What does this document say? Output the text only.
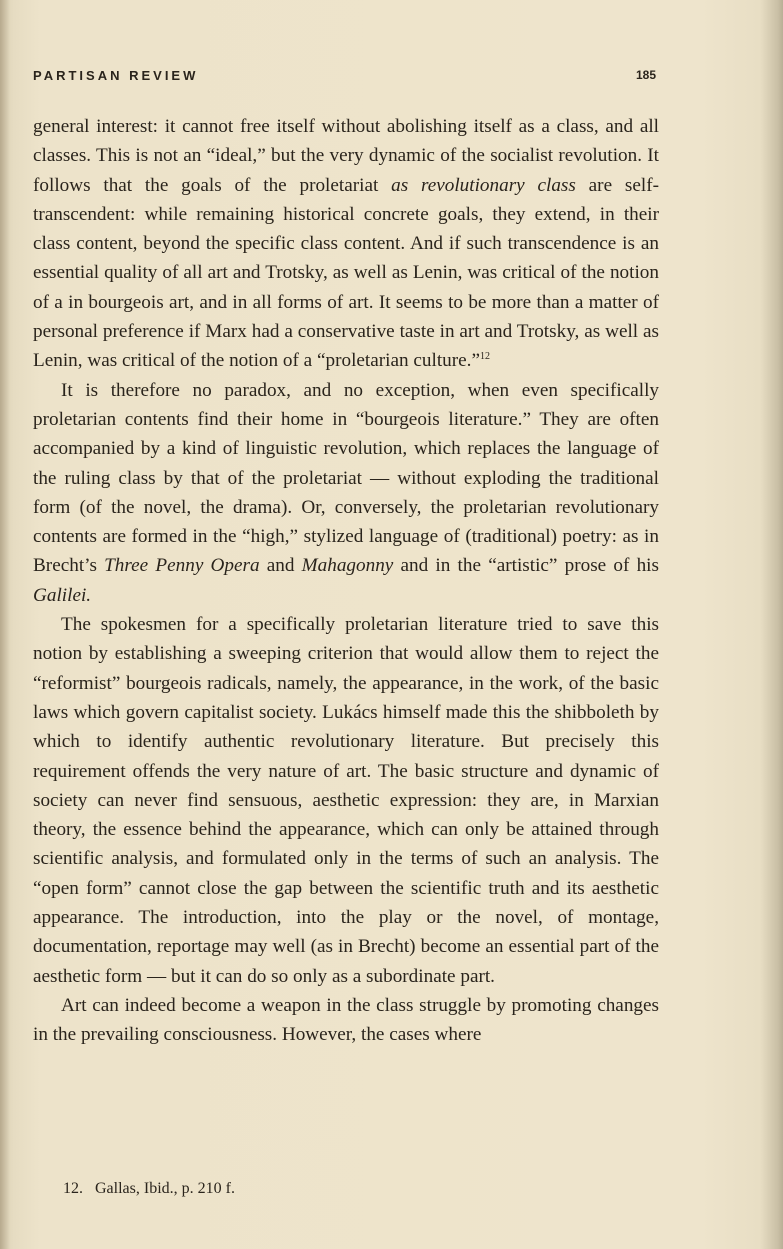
PARTISAN REVIEW	185

general interest: it cannot free itself without abolishing itself as a class, and all classes. This is not an “ideal,” but the very dynamic of the socialist revolution. It follows that the goals of the proletariat as revolutionary class are self-transcendent: while remaining historical concrete goals, they extend, in their class content, beyond the specific class content. And if such transcendence is an essential quality of all art and Trotsky, as well as Lenin, was critical of the notion of a in bourgeois art, and in all forms of art. It seems to be more than a matter of personal preference if Marx had a conservative taste in art and Trotsky, as well as Lenin, was critical of the notion of a “proletarian culture.”$^{12}$

It is therefore no paradox, and no exception, when even specifically proletarian contents find their home in “bourgeois literature.” They are often accompanied by a kind of linguistic revolution, which replaces the language of the ruling class by that of the proletariat — without exploding the traditional form (of the novel, the drama). Or, conversely, the proletarian revolutionary contents are formed in the “high,” stylized language of (traditional) poetry: as in Brecht’s Three Penny Opera and Mahagonny and in the “artistic” prose of his Galilei.

The spokesmen for a specifically proletarian literature tried to save this notion by establishing a sweeping criterion that would allow them to reject the “reformist” bourgeois radicals, namely, the appearance, in the work, of the basic laws which govern capitalist society. Lukács himself made this the shibboleth by which to identify authentic revolutionary literature. But precisely this requirement offends the very nature of art. The basic structure and dynamic of society can never find sensuous, aesthetic expression: they are, in Marxian theory, the essence behind the appearance, which can only be attained through scientific analysis, and formulated only in the terms of such an analysis. The “open form” cannot close the gap between the scientific truth and its aesthetic appearance. The introduction, into the play or the novel, of montage, documentation, reportage may well (as in Brecht) become an essential part of the aesthetic form — but it can do so only as a subordinate part.

Art can indeed become a weapon in the class struggle by promoting changes in the prevailing consciousness. However, the cases where

12. Gallas, Ibid., p. 210 f.
